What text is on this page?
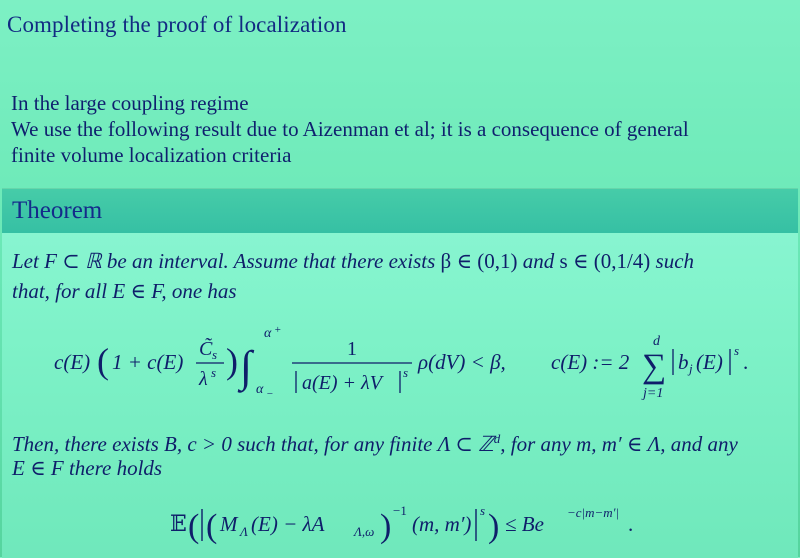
Completing the proof of localization
In the large coupling regime
We use the following result due to Aizenman et al; it is a consequence of general
finite volume localization criteria
Theorem
Let F ⊂ ℝ be an interval. Assume that there exists β ∈ (0,1) and s ∈ (0,1/4) such
that, for all E ∈ F, one has
c(E) ( 1 + c(E)
C̃ s
λ s ) ∫
α +
α −
1
a(E) + λV s ρ(dV) < β, c(E) := 2
d
∑
j=1
b j (E) s .
Then, there exists B, c > 0 such that, for any finite Λ ⊂ ℤ$^d$, for any m, m′ ∈ Λ, and any
E ∈ F there holds
𝔼 ( ( M Λ (E) − λA Λ,ω ) −1
(m, m′)
s ) ≤ Be −c|m−m′| .
